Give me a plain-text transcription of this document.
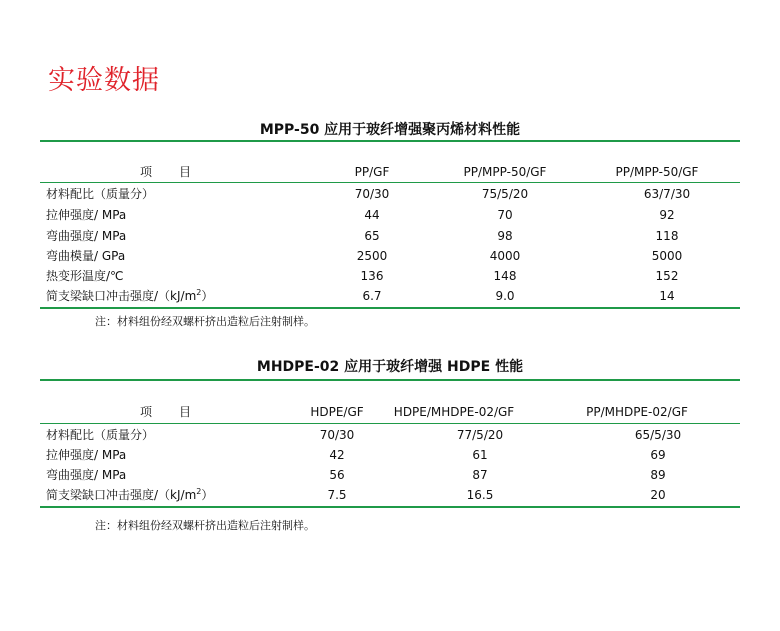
实验数据
MPP-50 应用于玻纤增强聚丙烯材料性能
项　　目	PP/GF	PP/MPP-50/GF	PP/MPP-50/GF
材料配比（质量分）	70/30	75/5/20	63/7/30
拉伸强度/ MPa	44	70	92
弯曲强度/ MPa	65	98	118
弯曲模量/ GPa	2500	4000	5000
热变形温度/℃	136	148	152
简支梁缺口冲击强度$/(kJ/m^2)$	6.7	9.0	14
注：材料组份经双螺杆挤出造粒后注射制样。
MHDPE-02 应用于玻纤增强 HDPE 性能
项　　目	HDPE/GF	HDPE/MHDPE-02/GF	PP/MHDPE-02/GF
材料配比（质量分）	70/30	77/5/20	65/5/30
拉伸强度/ MPa	42	61	69
弯曲强度/ MPa	56	87	89
简支梁缺口冲击强度$/(kJ/m^2)$	7.5	16.5	20
注：材料组份经双螺杆挤出造粒后注射制样。
